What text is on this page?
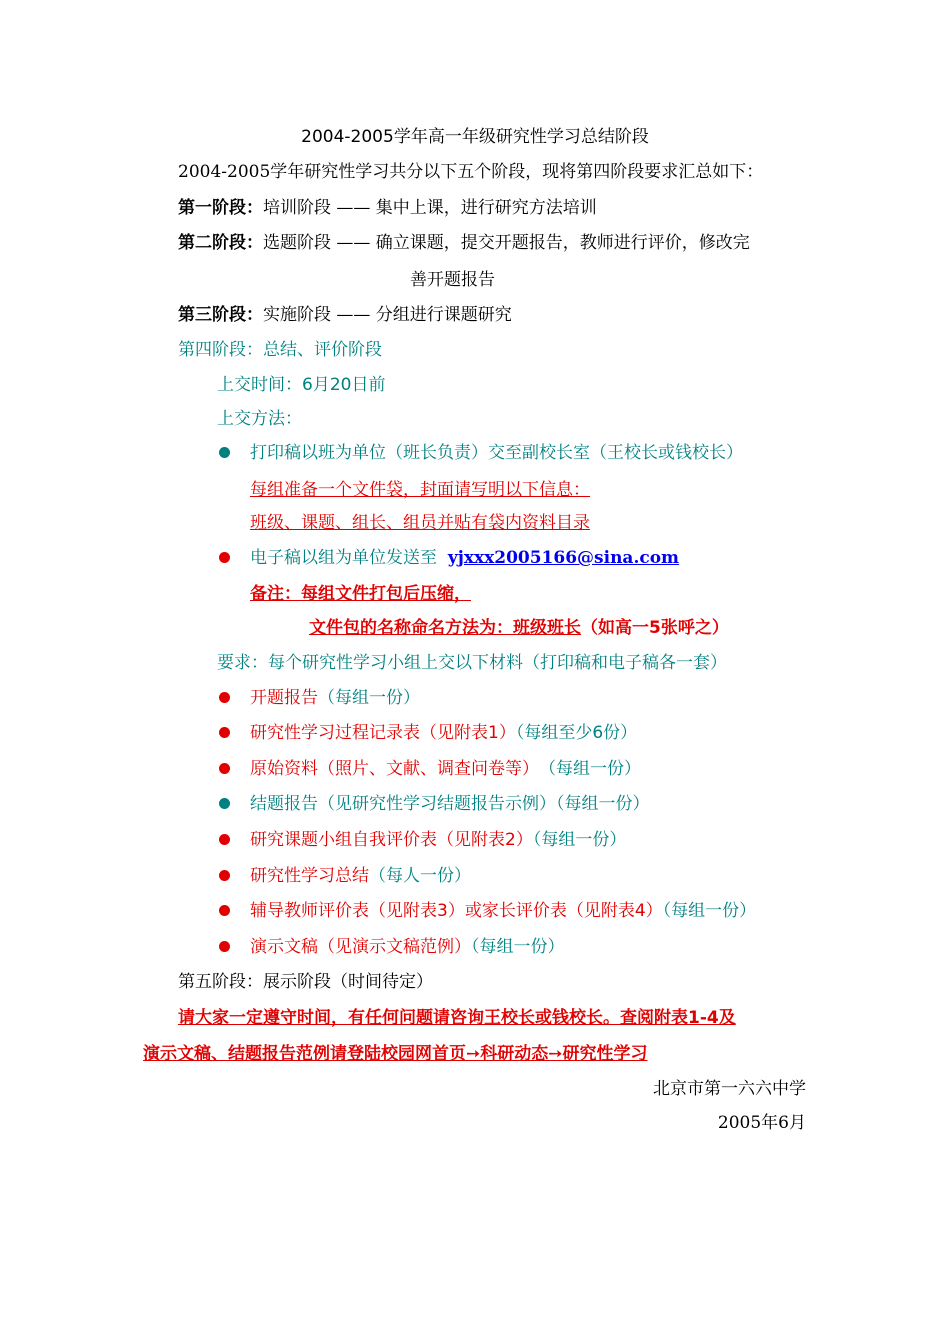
2004-2005学年高一年级研究性学习总结阶段
2004-2005学年研究性学习共分以下五个阶段，现将第四阶段要求汇总如下：
第一阶段：培训阶段 —— 集中上课，进行研究方法培训
第二阶段：选题阶段 —— 确立课题，提交开题报告，教师进行评价，修改完
善开题报告
第三阶段：实施阶段 —— 分组进行课题研究
第四阶段：总结、评价阶段
上交时间：6月20日前
上交方法：
打印稿以班为单位（班长负责）交至副校长室（王校长或钱校长）
每组准备一个文件袋，封面请写明以下信息：
班级、课题、组长、组员并贴有袋内资料目录
电子稿以组为单位发送至 yjxxx2005166@sina.com
备注：每组文件打包后压缩，
文件包的名称命名方法为：班级班长（如高一5张呼之）
要求：每个研究性学习小组上交以下材料（打印稿和电子稿各一套）
开题报告（每组一份）
研究性学习过程记录表（见附表1）（每组至少6份）
原始资料（照片、文献、调查问卷等）　（每组一份）
结题报告（见研究性学习结题报告示例）（每组一份）
研究课题小组自我评价表（见附表2）（每组一份）
研究性学习总结（每人一份）
辅导教师评价表（见附表3）或家长评价表（见附表4）（每组一份）
演示文稿（见演示文稿范例）（每组一份）
第五阶段：展示阶段（时间待定）
请大家一定遵守时间，有任何问题请咨询王校长或钱校长。查阅附表1-4及
演示文稿、结题报告范例请登陆校园网首页➙科研动态➙研究性学习
北京市第一六六中学
2005年6月
